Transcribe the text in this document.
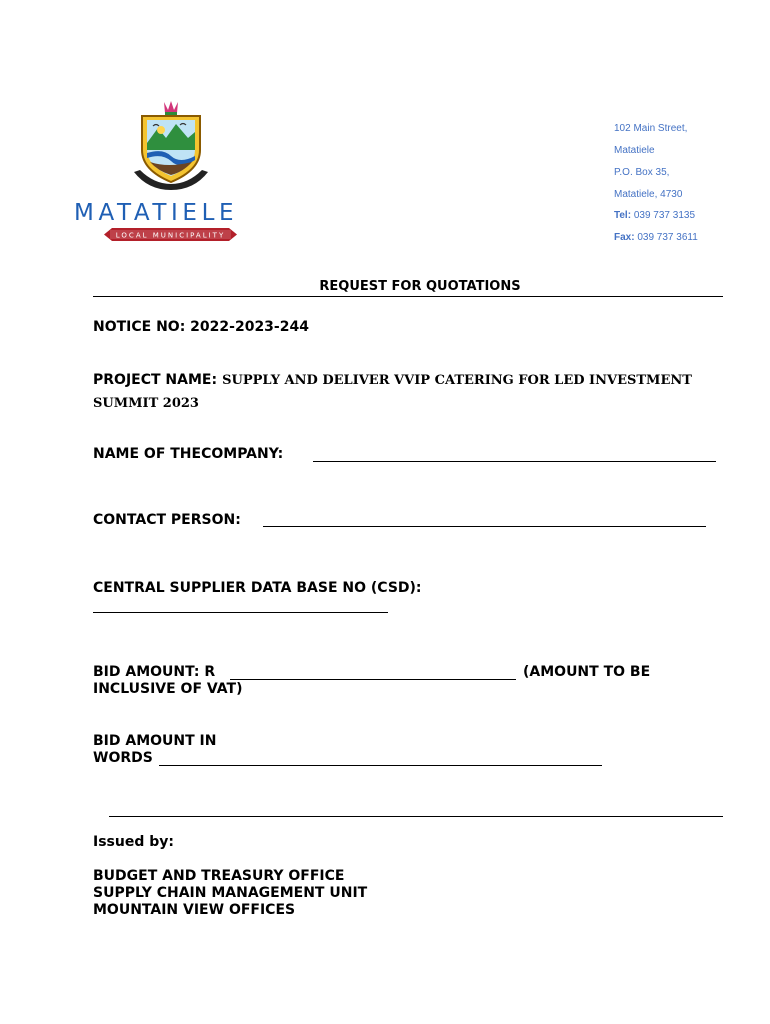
MATATIELE
LOCAL MUNICIPALITY
102 Main Street,
Matatiele
P.O. Box 35,
Matatiele, 4730
Tel: 039 737 3135
Fax: 039 737 3611
REQUEST FOR QUOTATIONS
NOTICE NO: 2022-2023-244
PROJECT NAME: SUPPLY AND DELIVER VVIP CATERING FOR LED INVESTMENT
SUMMIT 2023
NAME OF THECOMPANY:
CONTACT PERSON:
CENTRAL SUPPLIER DATA BASE NO (CSD):
BID AMOUNT: R	(AMOUNT TO BE
INCLUSIVE OF VAT)
BID AMOUNT IN
WORDS
Issued by:
BUDGET AND TREASURY OFFICE
SUPPLY CHAIN MANAGEMENT UNIT
MOUNTAIN VIEW OFFICES
